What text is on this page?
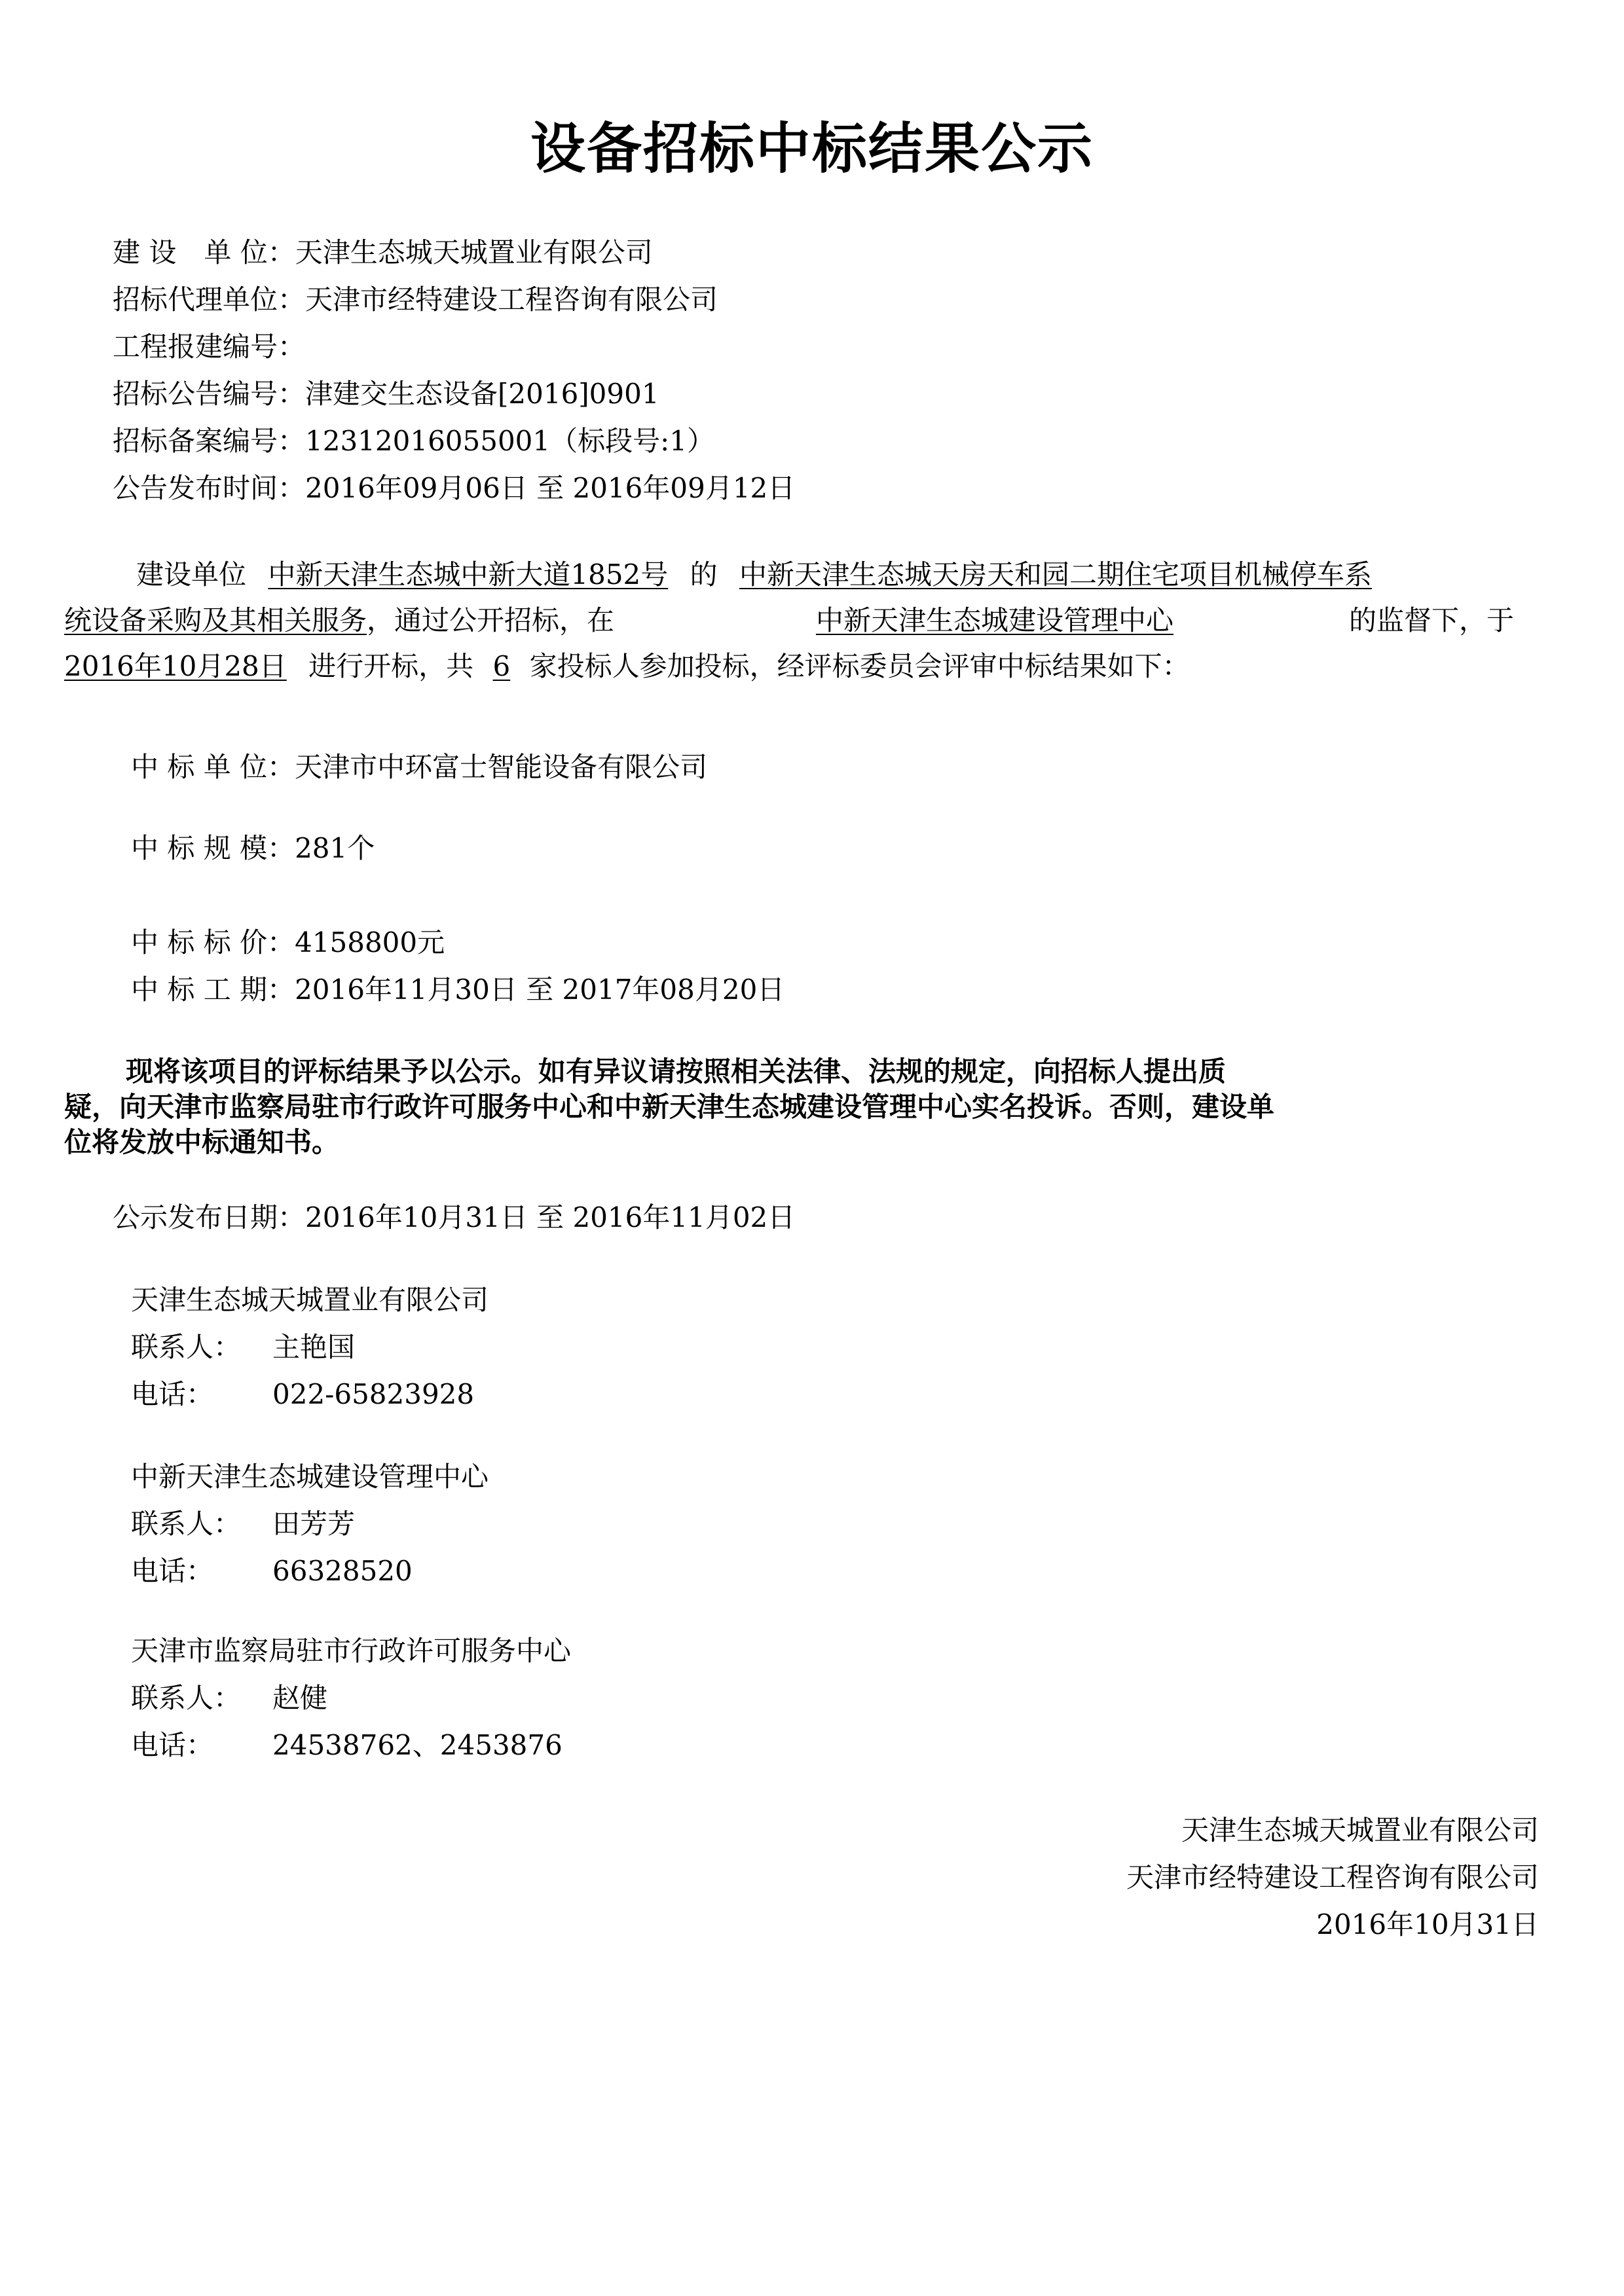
设备招标中标结果公示
建 设　单 位：天津生态城天城置业有限公司
招标代理单位：天津市经特建设工程咨询有限公司
工程报建编号：
招标公告编号：津建交生态设备[2016]0901
招标备案编号：12312016055001（标段号:1）
公告发布时间：2016年09月06日 至 2016年09月12日
建设单位 中新天津生态城中新大道1852号 的 中新天津生态城天房天和园二期住宅项目机械停车系
统设备采购及其相关服务，通过公开招标，在	中新天津生态城建设管理中心	的监督下，于
2016年10月28日 进行开标，共 6 家投标人参加投标，经评标委员会评审中标结果如下：
中 标 单 位：天津市中环富士智能设备有限公司
中 标 规 模：281个
中 标 标 价：4158800元
中 标 工 期：2016年11月30日 至 2017年08月20日
现将该项目的评标结果予以公示。如有异议请按照相关法律、法规的规定，向招标人提出质
疑，向天津市监察局驻市行政许可服务中心和中新天津生态城建设管理中心实名投诉。否则，建设单
位将发放中标通知书。
公示发布日期：2016年10月31日 至 2016年11月02日
天津生态城天城置业有限公司
联系人： 主艳国
电话： 022-65823928
中新天津生态城建设管理中心
联系人： 田芳芳
电话： 66328520
天津市监察局驻市行政许可服务中心
联系人： 赵健
电话： 24538762、2453876
天津生态城天城置业有限公司
天津市经特建设工程咨询有限公司
2016年10月31日
